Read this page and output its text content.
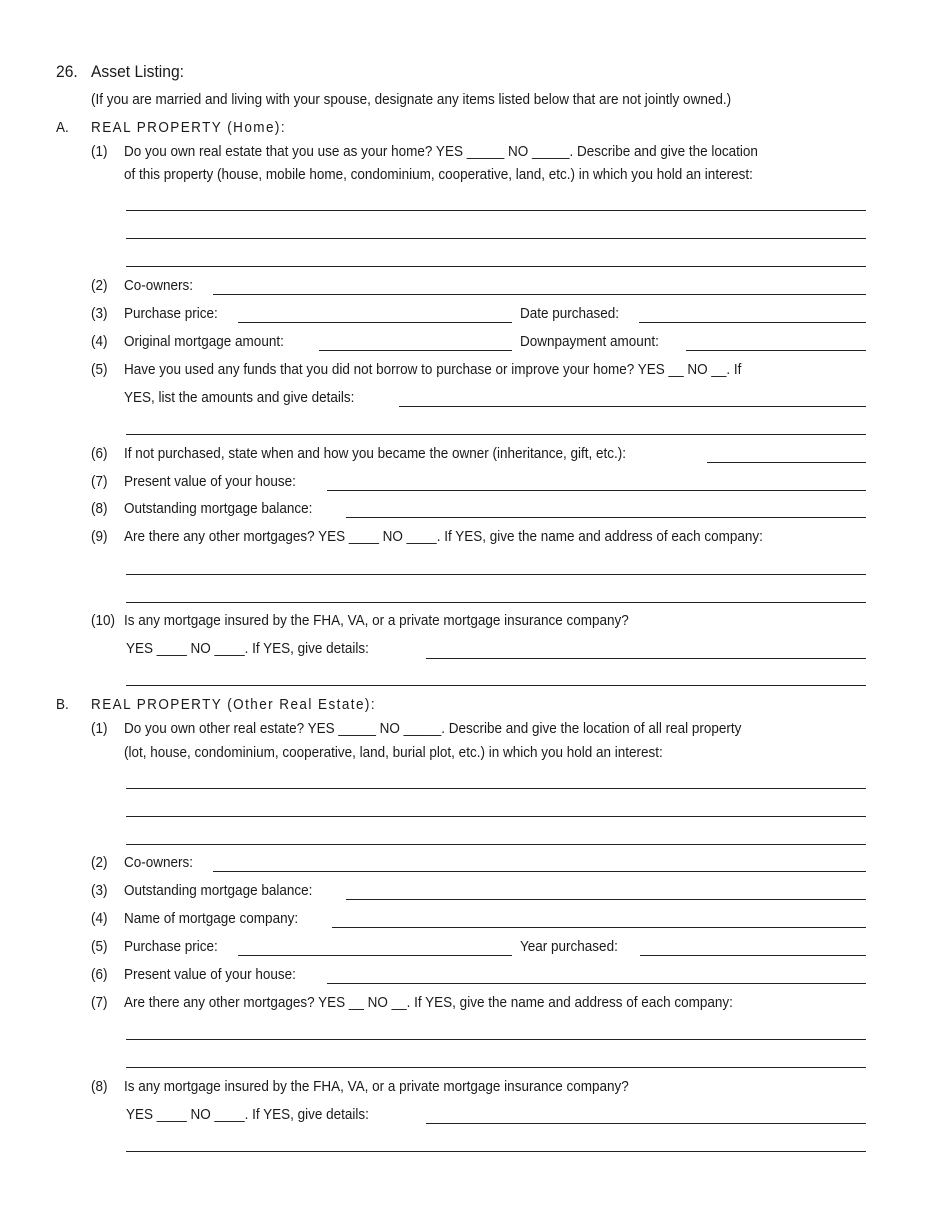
26. Asset Listing:
(If you are married and living with your spouse, designate any items listed below that are not jointly owned.)
A. REAL PROPERTY (Home):
(1) Do you own real estate that you use as your home? YES _____ NO _____. Describe and give the location
of this property (house, mobile home, condominium, cooperative, land, etc.) in which you hold an interest:
(2) Co-owners:
(3) Purchase price:	Date purchased:
(4) Original mortgage amount:	Downpayment amount:
(5) Have you used any funds that you did not borrow to purchase or improve your home? YES __ NO __. If
YES, list the amounts and give details:
(6) If not purchased, state when and how you became the owner (inheritance, gift, etc.):
(7) Present value of your house:
(8) Outstanding mortgage balance:
(9) Are there any other mortgages? YES ____ NO ____. If YES, give the name and address of each company:
(10) Is any mortgage insured by the FHA, VA, or a private mortgage insurance company?
YES ____ NO ____. If YES, give details:
B. REAL PROPERTY (Other Real Estate):
(1) Do you own other real estate? YES _____ NO _____. Describe and give the location of all real property
(lot, house, condominium, cooperative, land, burial plot, etc.) in which you hold an interest:
(2) Co-owners:
(3) Outstanding mortgage balance:
(4) Name of mortgage company:
(5) Purchase price:	Year purchased:
(6) Present value of your house:
(7) Are there any other mortgages? YES __ NO __. If YES, give the name and address of each company:
(8) Is any mortgage insured by the FHA, VA, or a private mortgage insurance company?
YES ____ NO ____. If YES, give details:
